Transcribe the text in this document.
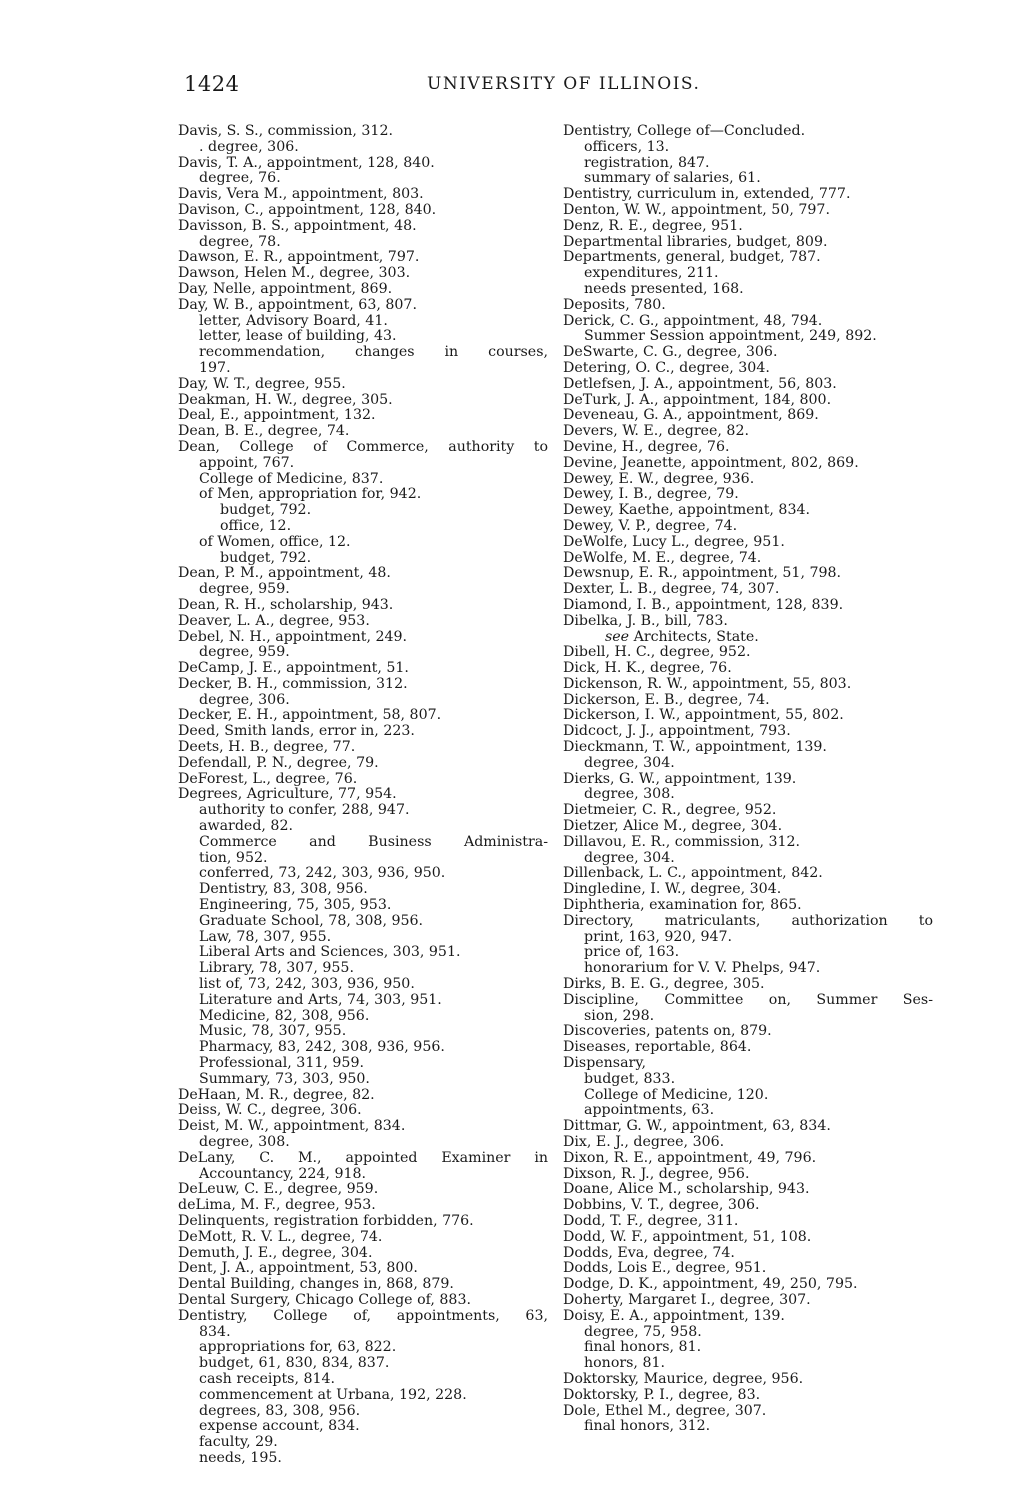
1424	UNIVERSITY OF ILLINOIS.
Davis, S. S., commission, 312.
. degree, 306.
Davis, T. A., appointment, 128, 840.
degree, 76.
Davis, Vera M., appointment, 803.
Davison, C., appointment, 128, 840.
Davisson, B. S., appointment, 48.
degree, 78.
Dawson, E. R., appointment, 797.
Dawson, Helen M., degree, 303.
Day, Nelle, appointment, 869.
Day, W. B., appointment, 63, 807.
letter, Advisory Board, 41.
letter, lease of building, 43.
recommendation, changes in courses,
197.
Day, W. T., degree, 955.
Deakman, H. W., degree, 305.
Deal, E., appointment, 132.
Dean, B. E., degree, 74.
Dean, College of Commerce, authority to
appoint, 767.
College of Medicine, 837.
of Men, appropriation for, 942.
budget, 792.
office, 12.
of Women, office, 12.
budget, 792.
Dean, P. M., appointment, 48.
degree, 959.
Dean, R. H., scholarship, 943.
Deaver, L. A., degree, 953.
Debel, N. H., appointment, 249.
degree, 959.
DeCamp, J. E., appointment, 51.
Decker, B. H., commission, 312.
degree, 306.
Decker, E. H., appointment, 58, 807.
Deed, Smith lands, error in, 223.
Deets, H. B., degree, 77.
Defendall, P. N., degree, 79.
DeForest, L., degree, 76.
Degrees, Agriculture, 77, 954.
authority to confer, 288, 947.
awarded, 82.
Commerce and Business Administra-
tion, 952.
conferred, 73, 242, 303, 936, 950.
Dentistry, 83, 308, 956.
Engineering, 75, 305, 953.
Graduate School, 78, 308, 956.
Law, 78, 307, 955.
Liberal Arts and Sciences, 303, 951.
Library, 78, 307, 955.
list of, 73, 242, 303, 936, 950.
Literature and Arts, 74, 303, 951.
Medicine, 82, 308, 956.
Music, 78, 307, 955.
Pharmacy, 83, 242, 308, 936, 956.
Professional, 311, 959.
Summary, 73, 303, 950.
DeHaan, M. R., degree, 82.
Deiss, W. C., degree, 306.
Deist, M. W., appointment, 834.
degree, 308.
DeLany, C. M., appointed Examiner in
Accountancy, 224, 918.
DeLeuw, C. E., degree, 959.
deLima, M. F., degree, 953.
Delinquents, registration forbidden, 776.
DeMott, R. V. L., degree, 74.
Demuth, J. E., degree, 304.
Dent, J. A., appointment, 53, 800.
Dental Building, changes in, 868, 879.
Dental Surgery, Chicago College of, 883.
Dentistry, College of, appointments, 63,
834.
appropriations for, 63, 822.
budget, 61, 830, 834, 837.
cash receipts, 814.
commencement at Urbana, 192, 228.
degrees, 83, 308, 956.
expense account, 834.
faculty, 29.
needs, 195.
Dentistry, College of—Concluded.
officers, 13.
registration, 847.
summary of salaries, 61.
Dentistry, curriculum in, extended, 777.
Denton, W. W., appointment, 50, 797.
Denz, R. E., degree, 951.
Departmental libraries, budget, 809.
Departments, general, budget, 787.
expenditures, 211.
needs presented, 168.
Deposits, 780.
Derick, C. G., appointment, 48, 794.
Summer Session appointment, 249, 892.
DeSwarte, C. G., degree, 306.
Detering, O. C., degree, 304.
Detlefsen, J. A., appointment, 56, 803.
DeTurk, J. A., appointment, 184, 800.
Deveneau, G. A., appointment, 869.
Devers, W. E., degree, 82.
Devine, H., degree, 76.
Devine, Jeanette, appointment, 802, 869.
Dewey, E. W., degree, 936.
Dewey, I. B., degree, 79.
Dewey, Kaethe, appointment, 834.
Dewey, V. P., degree, 74.
DeWolfe, Lucy L., degree, 951.
DeWolfe, M. E., degree, 74.
Dewsnup, E. R., appointment, 51, 798.
Dexter, L. B., degree, 74, 307.
Diamond, I. B., appointment, 128, 839.
Dibelka, J. B., bill, 783.
see Architects, State.
Dibell, H. C., degree, 952.
Dick, H. K., degree, 76.
Dickenson, R. W., appointment, 55, 803.
Dickerson, E. B., degree, 74.
Dickerson, I. W., appointment, 55, 802.
Didcoct, J. J., appointment, 793.
Dieckmann, T. W., appointment, 139.
degree, 304.
Dierks, G. W., appointment, 139.
degree, 308.
Dietmeier, C. R., degree, 952.
Dietzer, Alice M., degree, 304.
Dillavou, E. R., commission, 312.
degree, 304.
Dillenback, L. C., appointment, 842.
Dingledine, I. W., degree, 304.
Diphtheria, examination for, 865.
Directory, matriculants, authorization to
print, 163, 920, 947.
price of, 163.
honorarium for V. V. Phelps, 947.
Dirks, B. E. G., degree, 305.
Discipline, Committee on, Summer Ses-
sion, 298.
Discoveries, patents on, 879.
Diseases, reportable, 864.
Dispensary,
budget, 833.
College of Medicine, 120.
appointments, 63.
Dittmar, G. W., appointment, 63, 834.
Dix, E. J., degree, 306.
Dixon, R. E., appointment, 49, 796.
Dixson, R. J., degree, 956.
Doane, Alice M., scholarship, 943.
Dobbins, V. T., degree, 306.
Dodd, T. F., degree, 311.
Dodd, W. F., appointment, 51, 108.
Dodds, Eva, degree, 74.
Dodds, Lois E., degree, 951.
Dodge, D. K., appointment, 49, 250, 795.
Doherty, Margaret I., degree, 307.
Doisy, E. A., appointment, 139.
degree, 75, 958.
final honors, 81.
honors, 81.
Doktorsky, Maurice, degree, 956.
Doktorsky, P. I., degree, 83.
Dole, Ethel M., degree, 307.
final honors, 312.
